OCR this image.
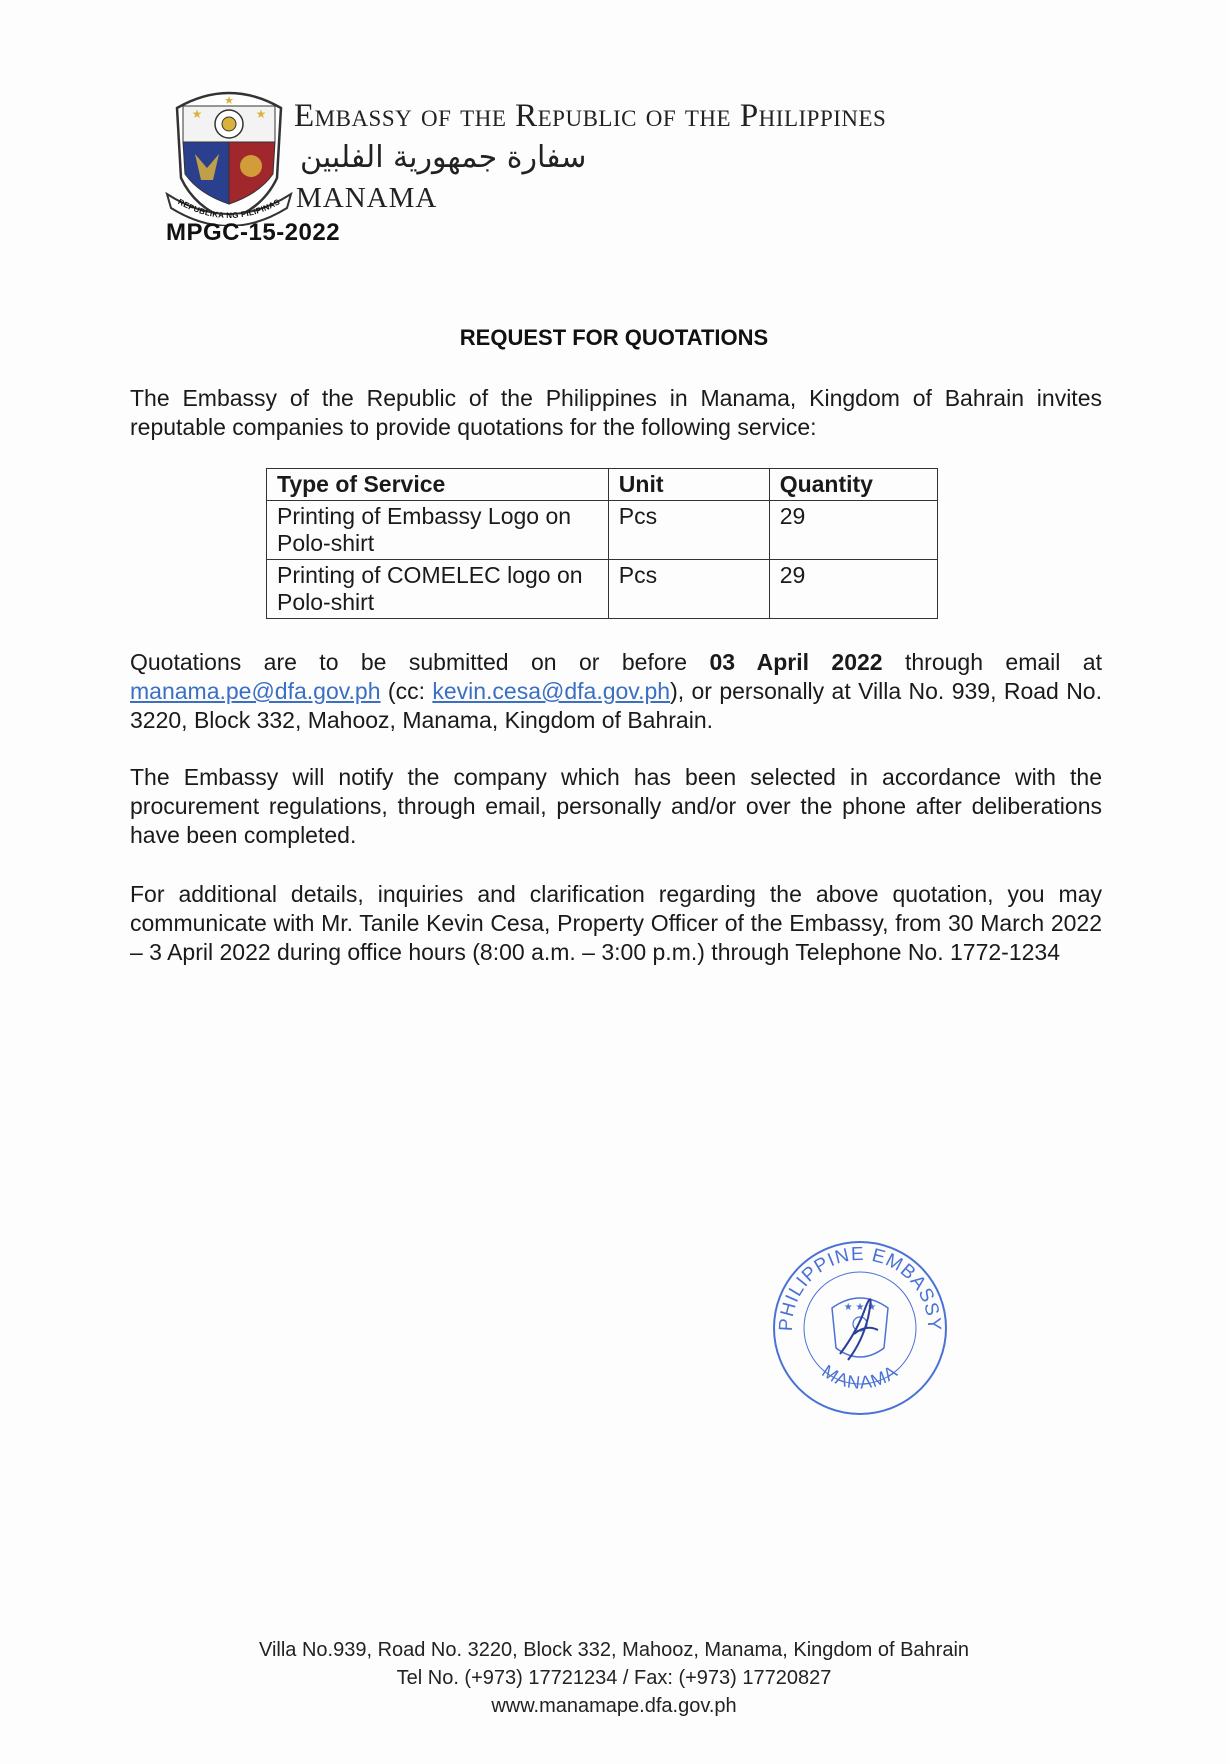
★	★
★
REPUBLIKA NG PILIPINAS
Embassy of the Republic of the Philippines
سفارة جمهورية الفلبين
MANAMA
MPGC-15-2022
REQUEST FOR QUOTATIONS
The Embassy of the Republic of the Philippines in Manama, Kingdom of Bahrain invites reputable companies to provide quotations for the following service:
Type of Service	Unit	Quantity
Printing of Embassy Logo on Polo-shirt	Pcs	29
Printing of COMELEC logo on Polo-shirt	Pcs	29
Quotations are to be submitted on or before 03 April 2022 through email at manama.pe@dfa.gov.ph (cc: kevin.cesa@dfa.gov.ph), or personally at Villa No. 939, Road No. 3220, Block 332, Mahooz, Manama, Kingdom of Bahrain.
The Embassy will notify the company which has been selected in accordance with the procurement regulations, through email, personally and/or over the phone after deliberations have been completed.
For additional details, inquiries and clarification regarding the above quotation, you may communicate with Mr. Tanile Kevin Cesa, Property Officer of the Embassy, from 30 March 2022 – 3 April 2022 during office hours (8:00 a.m. – 3:00 p.m.) through Telephone No. 1772-1234
PHILIPPINE EMBASSY
MANAMA
★ ★ ★
Villa No.939, Road No. 3220, Block 332, Mahooz, Manama, Kingdom of Bahrain
Tel No. (+973) 17721234 / Fax: (+973) 17720827
www.manamape.dfa.gov.ph
